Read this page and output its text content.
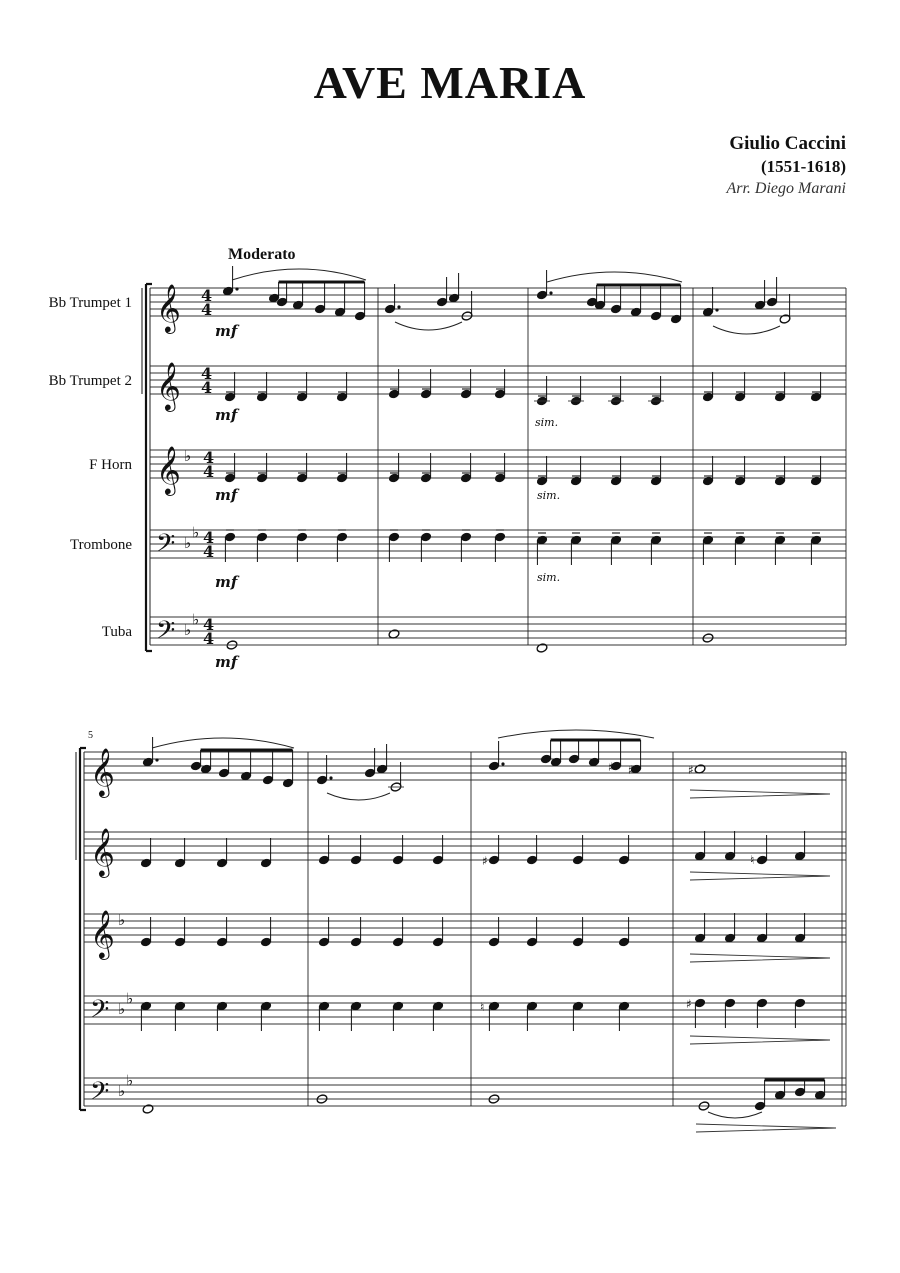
AVE MARIA
Giulio Caccini
(1551-1618)
Arr. Diego Marani
Moderato
Bb Trumpet 1
Bb Trumpet 2
F Horn
Trombone
Tuba
5
𝄞 4
4
𝄞 4
4
𝄞 ♭ 4
4
𝄢 ♭
♭ 4
4
𝄢 ♭
♭ 4
4
mf
mf	sim.
mf	sim.
mf	sim.
mf
𝄞
𝄞
𝄞 ♭
𝄢 ♭
♭
𝄢 ♭
♭
♯ ♯	♯
♯	♮
♮	♯
